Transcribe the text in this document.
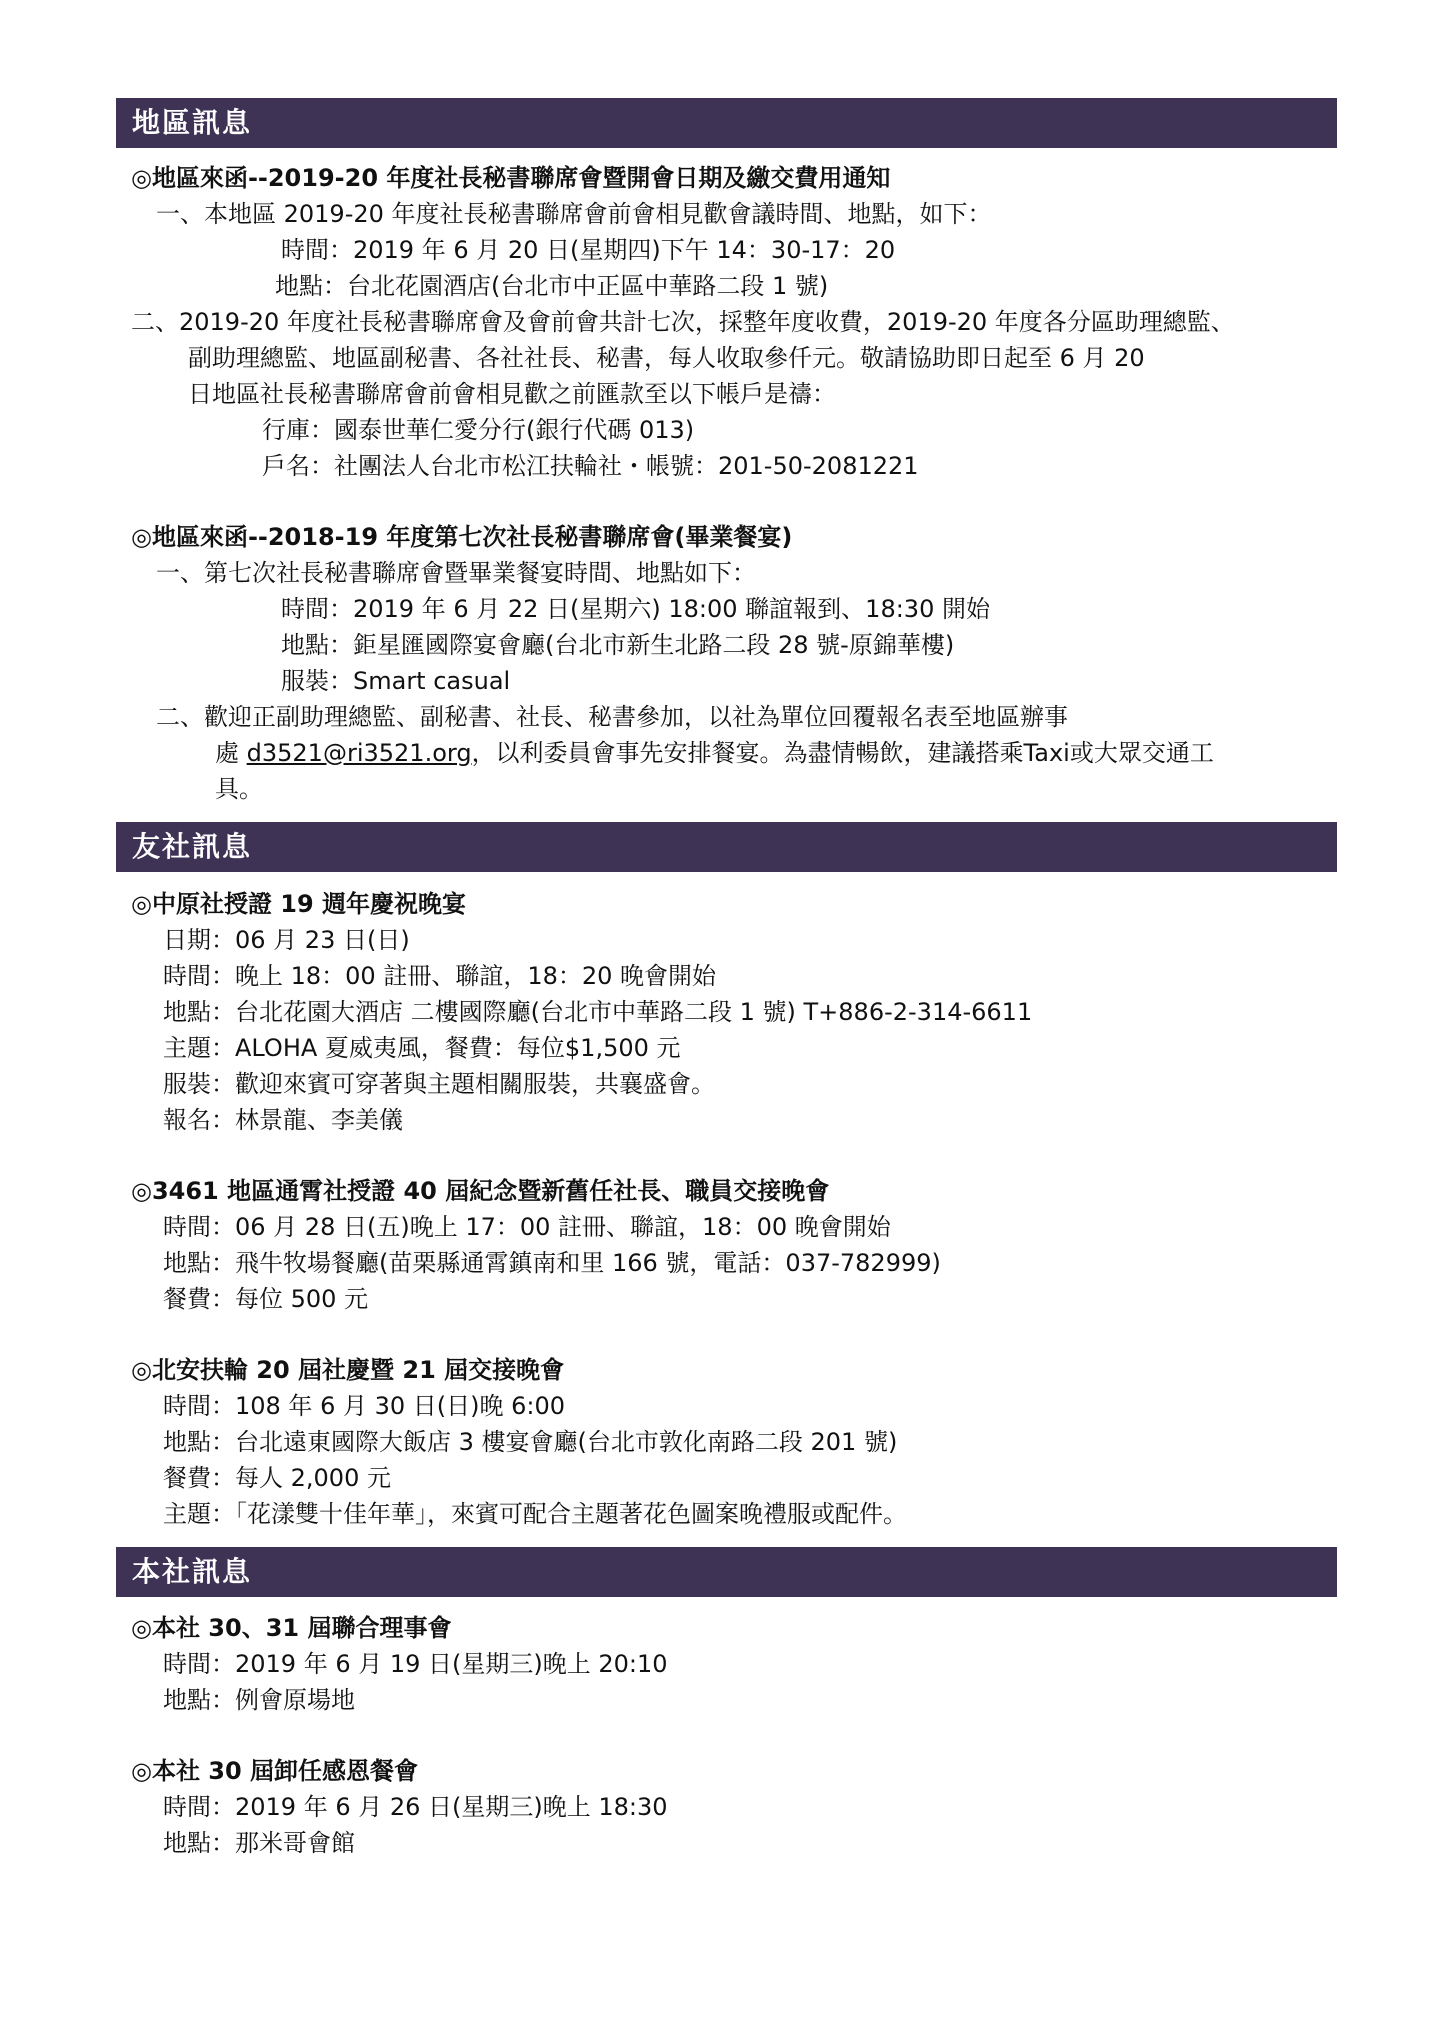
地區訊息
◎地區來函--2019-20 年度社長秘書聯席會暨開會日期及繳交費用通知
一、本地區 2019-20 年度社長秘書聯席會前會相見歡會議時間、地點，如下：
時間：2019 年 6 月 20 日(星期四)下午 14：30-17：20
地點：台北花園酒店(台北市中正區中華路二段 1 號)
二、2019-20 年度社長秘書聯席會及會前會共計七次，採整年度收費，2019-20 年度各分區助理總監、
副助理總監、地區副秘書、各社社長、秘書，每人收取參仟元。敬請協助即日起至 6 月 20
日地區社長秘書聯席會前會相見歡之前匯款至以下帳戶是禱：
行庫：國泰世華仁愛分行(銀行代碼 013)
戶名：社團法人台北市松江扶輪社・帳號：201-50-2081221
◎地區來函--2018-19 年度第七次社長秘書聯席會(畢業餐宴)
一、第七次社長秘書聯席會暨畢業餐宴時間、地點如下：
時間：2019 年 6 月 22 日(星期六) 18:00 聯誼報到、18:30 開始
地點：鉅星匯國際宴會廳(台北市新生北路二段 28 號-原錦華樓)
服裝：Smart casual
二、歡迎正副助理總監、副秘書、社長、秘書參加，以社為單位回覆報名表至地區辦事
處 d3521@ri3521.org，以利委員會事先安排餐宴。為盡情暢飲，建議搭乘Taxi或大眾交通工
具。
友社訊息
◎中原社授證 19 週年慶祝晚宴
日期：06 月 23 日(日)
時間：晚上 18：00 註冊、聯誼，18：20 晚會開始
地點：台北花園大酒店 二樓國際廳(台北市中華路二段 1 號) T+886-2-314-6611
主題：ALOHA 夏威夷風，餐費：每位$1,500 元
服裝：歡迎來賓可穿著與主題相關服裝，共襄盛會。
報名：林景龍、李美儀
◎3461 地區通霄社授證 40 屆紀念暨新舊任社長、職員交接晚會
時間：06 月 28 日(五)晚上 17：00 註冊、聯誼，18：00 晚會開始
地點：飛牛牧場餐廳(苗栗縣通霄鎮南和里 166 號，電話：037-782999)
餐費：每位 500 元
◎北安扶輪 20 屆社慶暨 21 屆交接晚會
時間：108 年 6 月 30 日(日)晚 6:00
地點：台北遠東國際大飯店 3 樓宴會廳(台北市敦化南路二段 201 號)
餐費：每人 2,000 元
主題：「花漾雙十佳年華」，來賓可配合主題著花色圖案晚禮服或配件。
本社訊息
◎本社 30、31 屆聯合理事會
時間：2019 年 6 月 19 日(星期三)晚上 20:10
地點：例會原場地
◎本社 30 屆卸任感恩餐會
時間：2019 年 6 月 26 日(星期三)晚上 18:30
地點：那米哥會館
